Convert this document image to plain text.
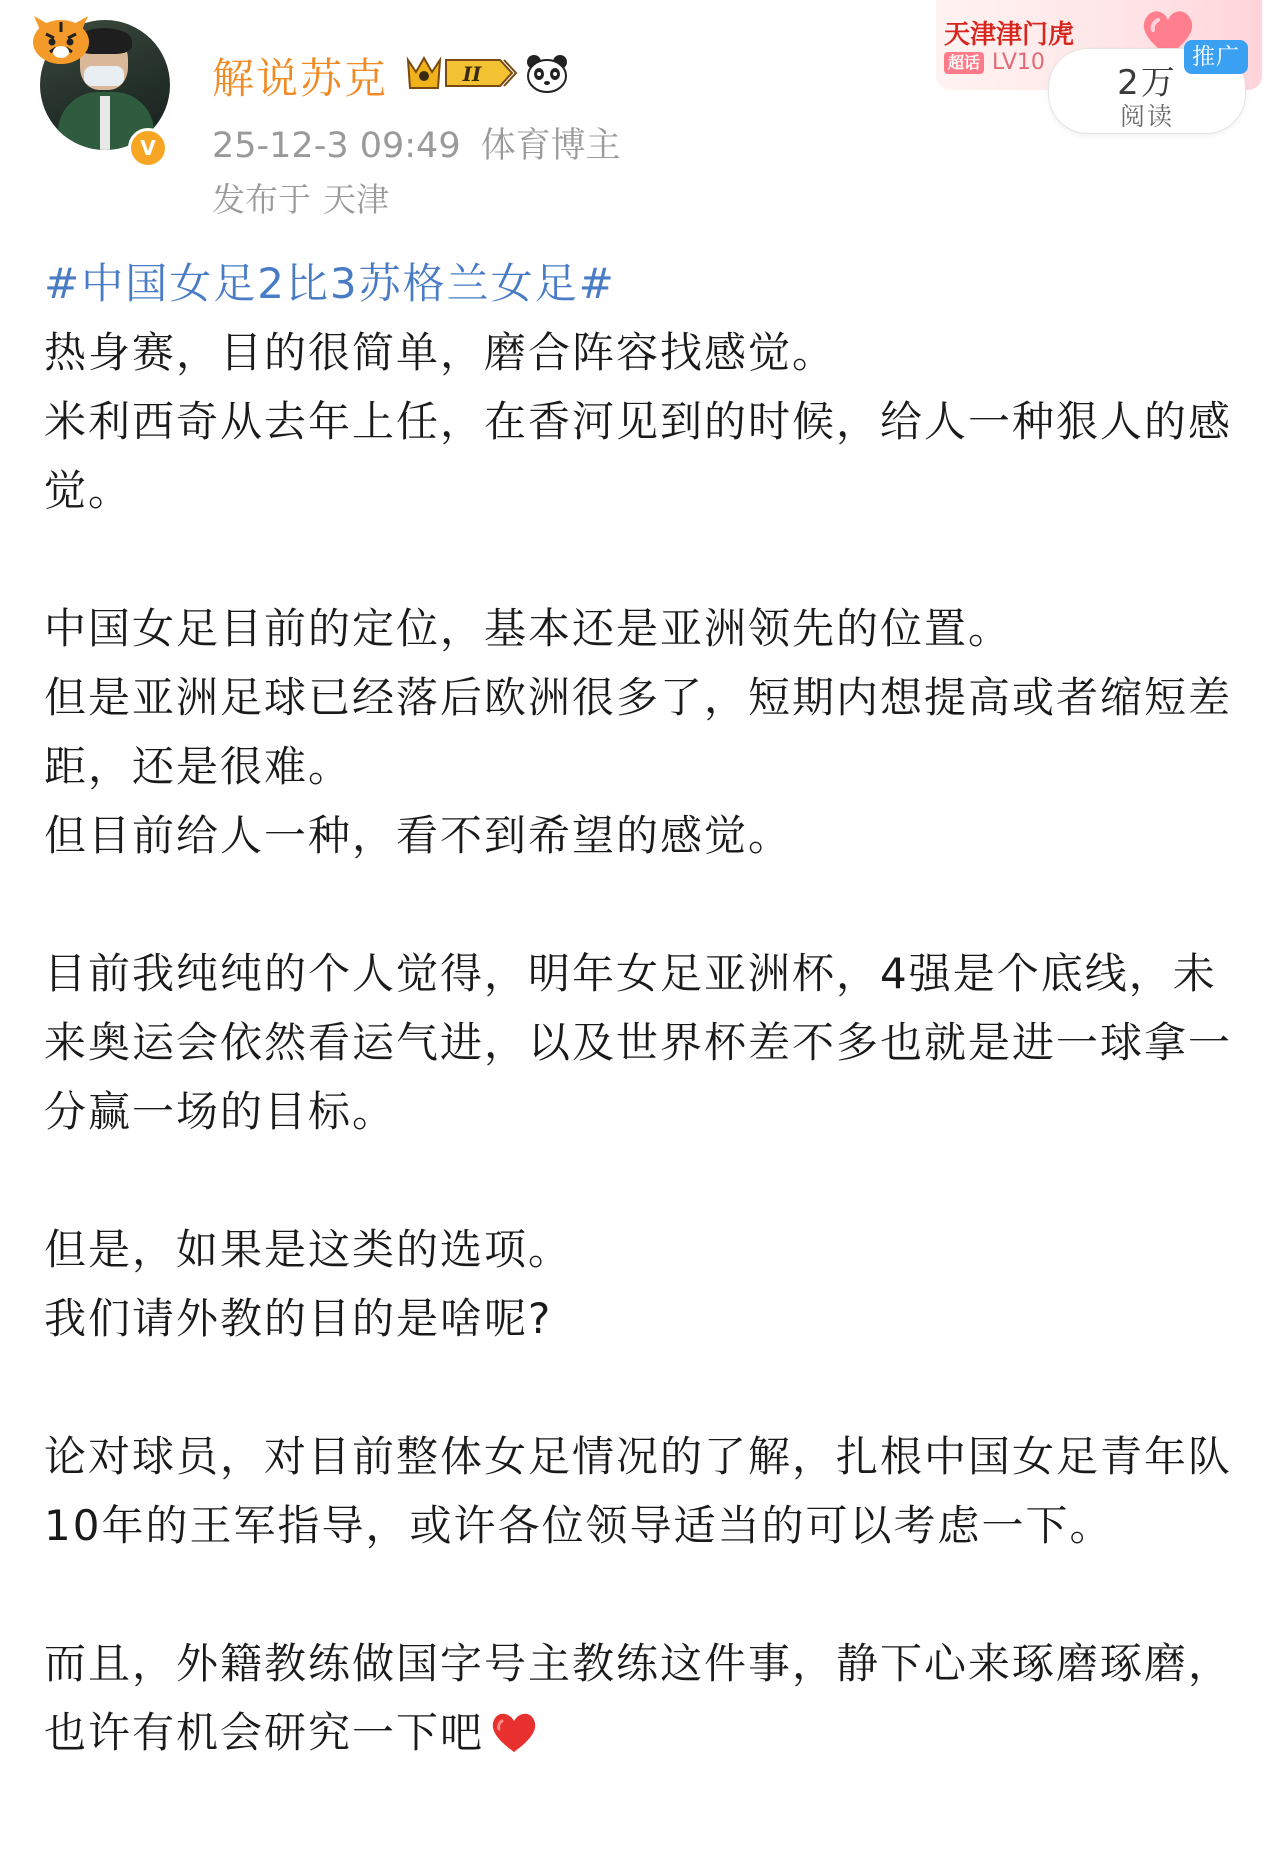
V
解说苏克	II
25-12-3 09:49 体育博主
发布于 天津
天津津门虎
超话 LV10
2万
阅读
推广

#中国女足2比3苏格兰女足#

热身赛，目的很简单，磨合阵容找感觉。

米利西奇从去年上任，在香河见到的时候，给人一种狠人的感觉。

中国女足目前的定位，基本还是亚洲领先的位置。

但是亚洲足球已经落后欧洲很多了，短期内想提高或者缩短差距，还是很难。

但目前给人一种，看不到希望的感觉。

目前我纯纯的个人觉得，明年女足亚洲杯，4强是个底线，未来奥运会依然看运气进，以及世界杯差不多也就是进一球拿一分赢一场的目标。

但是，如果是这类的选项。

我们请外教的目的是啥呢?

论对球员，对目前整体女足情况的了解，扎根中国女足青年队10年的王军指导，或许各位领导适当的可以考虑一下。

而且，外籍教练做国字号主教练这件事，静下心来琢磨琢磨，也许有机会研究一下吧
